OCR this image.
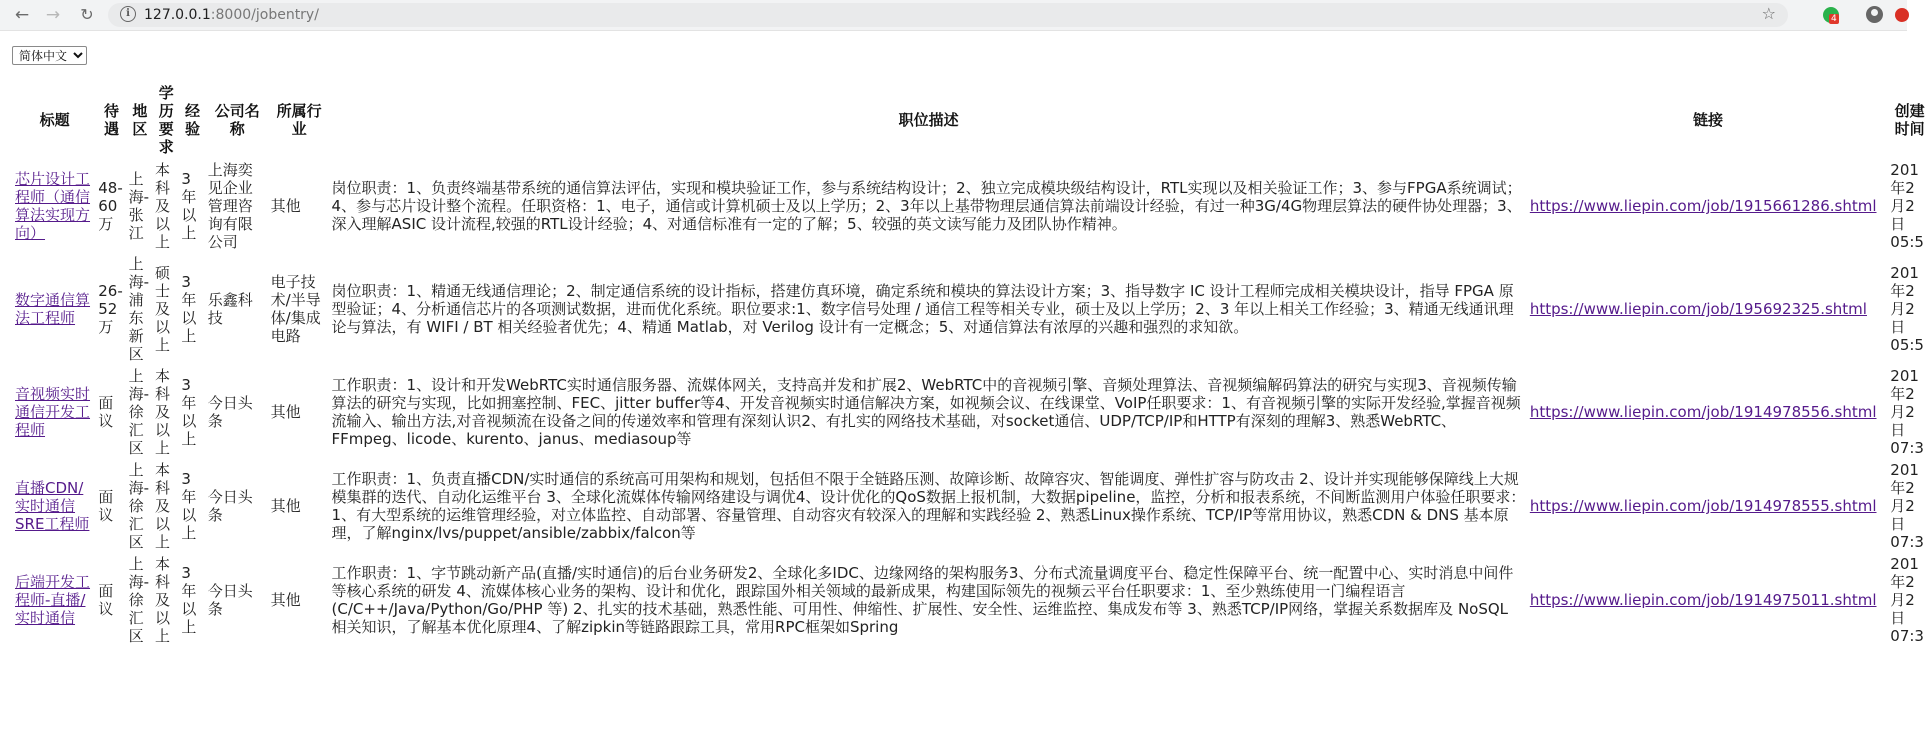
← → ↻	i	127.0.0.1:8000/jobentry/	☆	4
简体中文
标题	待遇	地区	学历要求	经验	公司名称	所属行业	职位描述	链接	创建时间
芯片设计工程师（通信算法实现方向）	48-60万	上海-张江	本科及以上	3年以上	上海奕见企业管理咨询有限公司	其他	岗位职责：1、负责终端基带系统的通信算法评估，实现和模块验证工作，参与系统结构设计；2、独立完成模块级结构设计，RTL实现以及相关验证工作；3、参与FPGA系统调试；4、参与芯片设计整个流程。任职资格：1、电子，通信或计算机硕士及以上学历；2、3年以上基带物理层通信算法前端设计经验，有过一种3G/4G物理层算法的硬件协处理器；3、深入理解ASIC 设计流程,较强的RTL设计经验；4、对通信标准有一定的了解；5、较强的英文读写能力及团队协作精神。	https://www.liepin.com/job/1915661286.shtml	201年2月2日05:5
数字通信算法工程师	26-52万	上海-浦东新区	硕士及以上	3年以上	乐鑫科技	电子技术/半导体/集成电路	岗位职责：1、精通无线通信理论；2、制定通信系统的设计指标，搭建仿真环境，确定系统和模块的算法设计方案；3、指导数字 IC 设计工程师完成相关模块设计，指导 FPGA 原型验证；4、分析通信芯片的各项测试数据，进而优化系统。职位要求:1、数字信号处理 / 通信工程等相关专业，硕士及以上学历；2、3 年以上相关工作经验；3、精通无线通讯理论与算法，有 WIFI / BT 相关经验者优先；4、精通 Matlab，对 Verilog 设计有一定概念；5、对通信算法有浓厚的兴趣和强烈的求知欲。	https://www.liepin.com/job/195692325.shtml	201年2月2日05:5
音视频实时通信开发工程师	面议	上海-徐汇区	本科及以上	3年以上	今日头条	其他	工作职责：1、设计和开发WebRTC实时通信服务器、流媒体网关，支持高并发和扩展2、WebRTC中的音视频引擎、音频处理算法、音视频编解码算法的研究与实现3、音视频传输算法的研究与实现，比如拥塞控制、FEC、jitter buffer等4、开发音视频实时通信解决方案，如视频会议、在线课堂、VoIP任职要求：1、有音视频引擎的实际开发经验,掌握音视频流输入、输出方法,对音视频流在设备之间的传递效率和管理有深刻认识2、有扎实的网络技术基础，对socket通信、UDP/TCP/IP和HTTP有深刻的理解3、熟悉WebRTC、FFmpeg、licode、kurento、janus、mediasoup等	https://www.liepin.com/job/1914978556.shtml	201年2月2日07:3
直播CDN/实时通信SRE工程师	面议	上海-徐汇区	本科及以上	3年以上	今日头条	其他	工作职责：1、负责直播CDN/实时通信的系统高可用架构和规划，包括但不限于全链路压测、故障诊断、故障容灾、智能调度、弹性扩容与防攻击 2、设计并实现能够保障线上大规模集群的迭代、自动化运维平台 3、全球化流媒体传输网络建设与调优4、设计优化的QoS数据上报机制，大数据pipeline，监控，分析和报表系统，不间断监测用户体验任职要求：1、有大型系统的运维管理经验，对立体监控、自动部署、容量管理、自动容灾有较深入的理解和实践经验 2、熟悉Linux操作系统、TCP/IP等常用协议，熟悉CDN & DNS 基本原理，了解nginx/lvs/puppet/ansible/zabbix/falcon等	https://www.liepin.com/job/1914978555.shtml	201年2月2日07:3
后端开发工程师-直播/实时通信	面议	上海-徐汇区	本科及以上	3年以上	今日头条	其他	工作职责：1、字节跳动新产品(直播/实时通信)的后台业务研发2、全球化多IDC、边缘网络的架构服务3、分布式流量调度平台、稳定性保障平台、统一配置中心、实时消息中间件等核心系统的研发 4、流媒体核心业务的架构、设计和优化，跟踪国外相关领域的最新成果，构建国际领先的视频云平台任职要求：1、至少熟练使用一门编程语言(C/C++/Java/Python/Go/PHP 等) 2、扎实的技术基础，熟悉性能、可用性、伸缩性、扩展性、安全性、运维监控、集成发布等 3、熟悉TCP/IP网络，掌握关系数据库及 NoSQL 相关知识，了解基本优化原理4、了解zipkin等链路跟踪工具，常用RPC框架如Spring	https://www.liepin.com/job/1914975011.shtml	201年2月2日07:3
